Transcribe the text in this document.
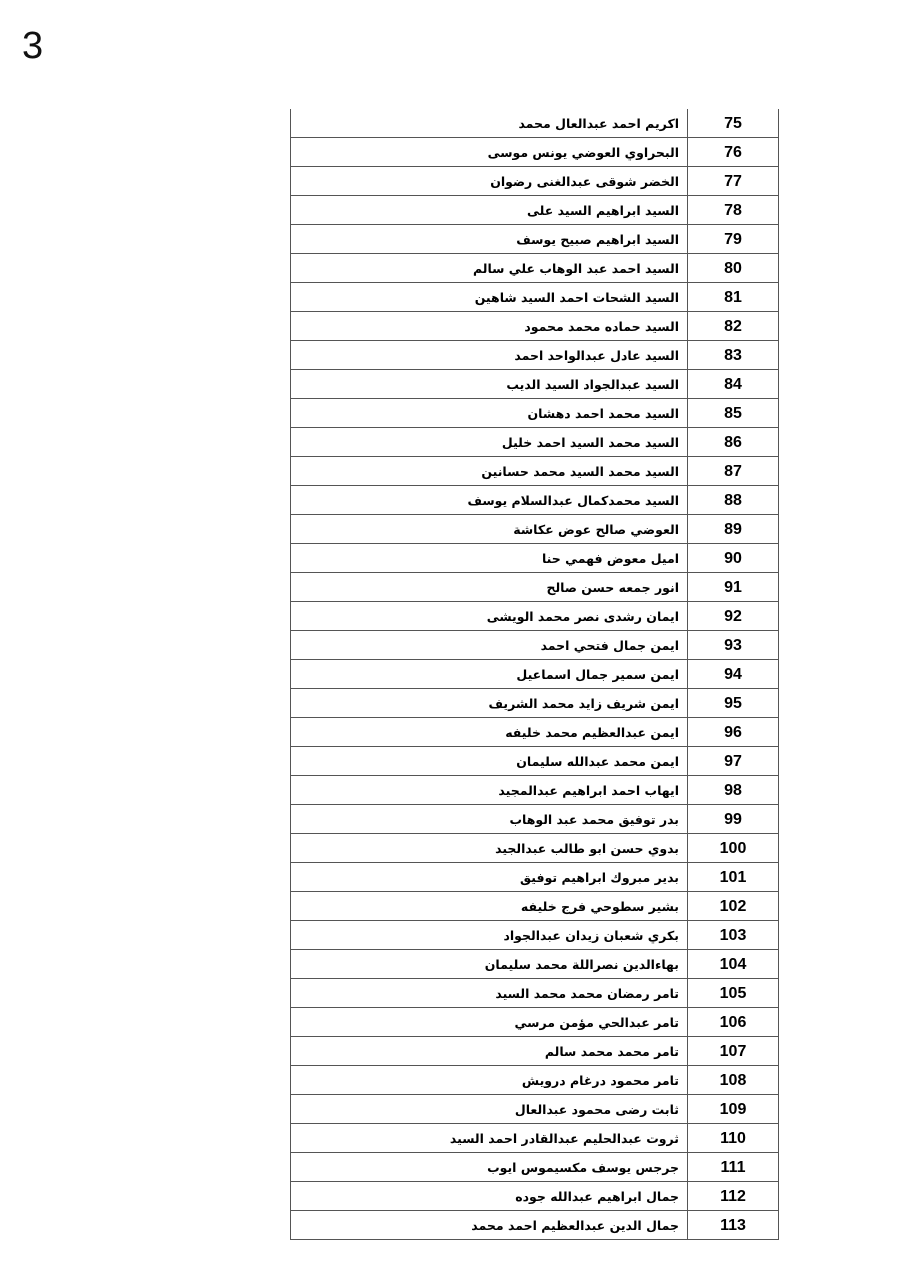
3
اكريم احمد عبدالعال محمد	75
البحراوي العوضي يونس موسى	76
الخضر شوقى عبدالغنى رضوان	77
السيد ابراهيم السيد على	78
السيد ابراهيم صبيح يوسف	79
السيد احمد عبد الوهاب علي سالم	80
السيد الشحات احمد السيد شاهين	81
السيد حماده محمد محمود	82
السيد عادل عبدالواحد احمد	83
السيد عبدالجواد السيد الديب	84
السيد محمد احمد دهشان	85
السيد محمد السيد احمد خليل	86
السيد محمد السيد محمد حسانين	87
السيد محمدكمال عبدالسلام يوسف	88
العوضي صالح عوض عكاشة	89
اميل معوض فهمي حنا	90
انور جمعه حسن صالح	91
ايمان رشدى نصر محمد الويشى	92
ايمن جمال فتحي احمد	93
ايمن سمير جمال اسماعيل	94
ايمن شريف زايد محمد الشريف	95
ايمن عبدالعظيم محمد خليفه	96
ايمن محمد عبدالله سليمان	97
ايهاب احمد ابراهيم عبدالمجيد	98
بدر توفيق محمد عبد الوهاب	99
بدوي حسن ابو طالب عبدالجيد	100
بدير مبروك ابراهيم توفيق	101
بشير سطوحي فرج خليفه	102
بكري شعبان زيدان عبدالجواد	103
بهاءالدين نصراللة محمد سليمان	104
تامر رمضان محمد محمد السيد	105
تامر عبدالحي مؤمن مرسي	106
تامر محمد محمد سالم	107
تامر محمود درغام درويش	108
ثابت رضى محمود عبدالعال	109
ثروت عبدالحليم عبدالقادر احمد السيد	110
جرجس يوسف مكسيموس ايوب	111
جمال ابراهيم عبدالله جوده	112
جمال الدين عبدالعظيم احمد محمد	113
